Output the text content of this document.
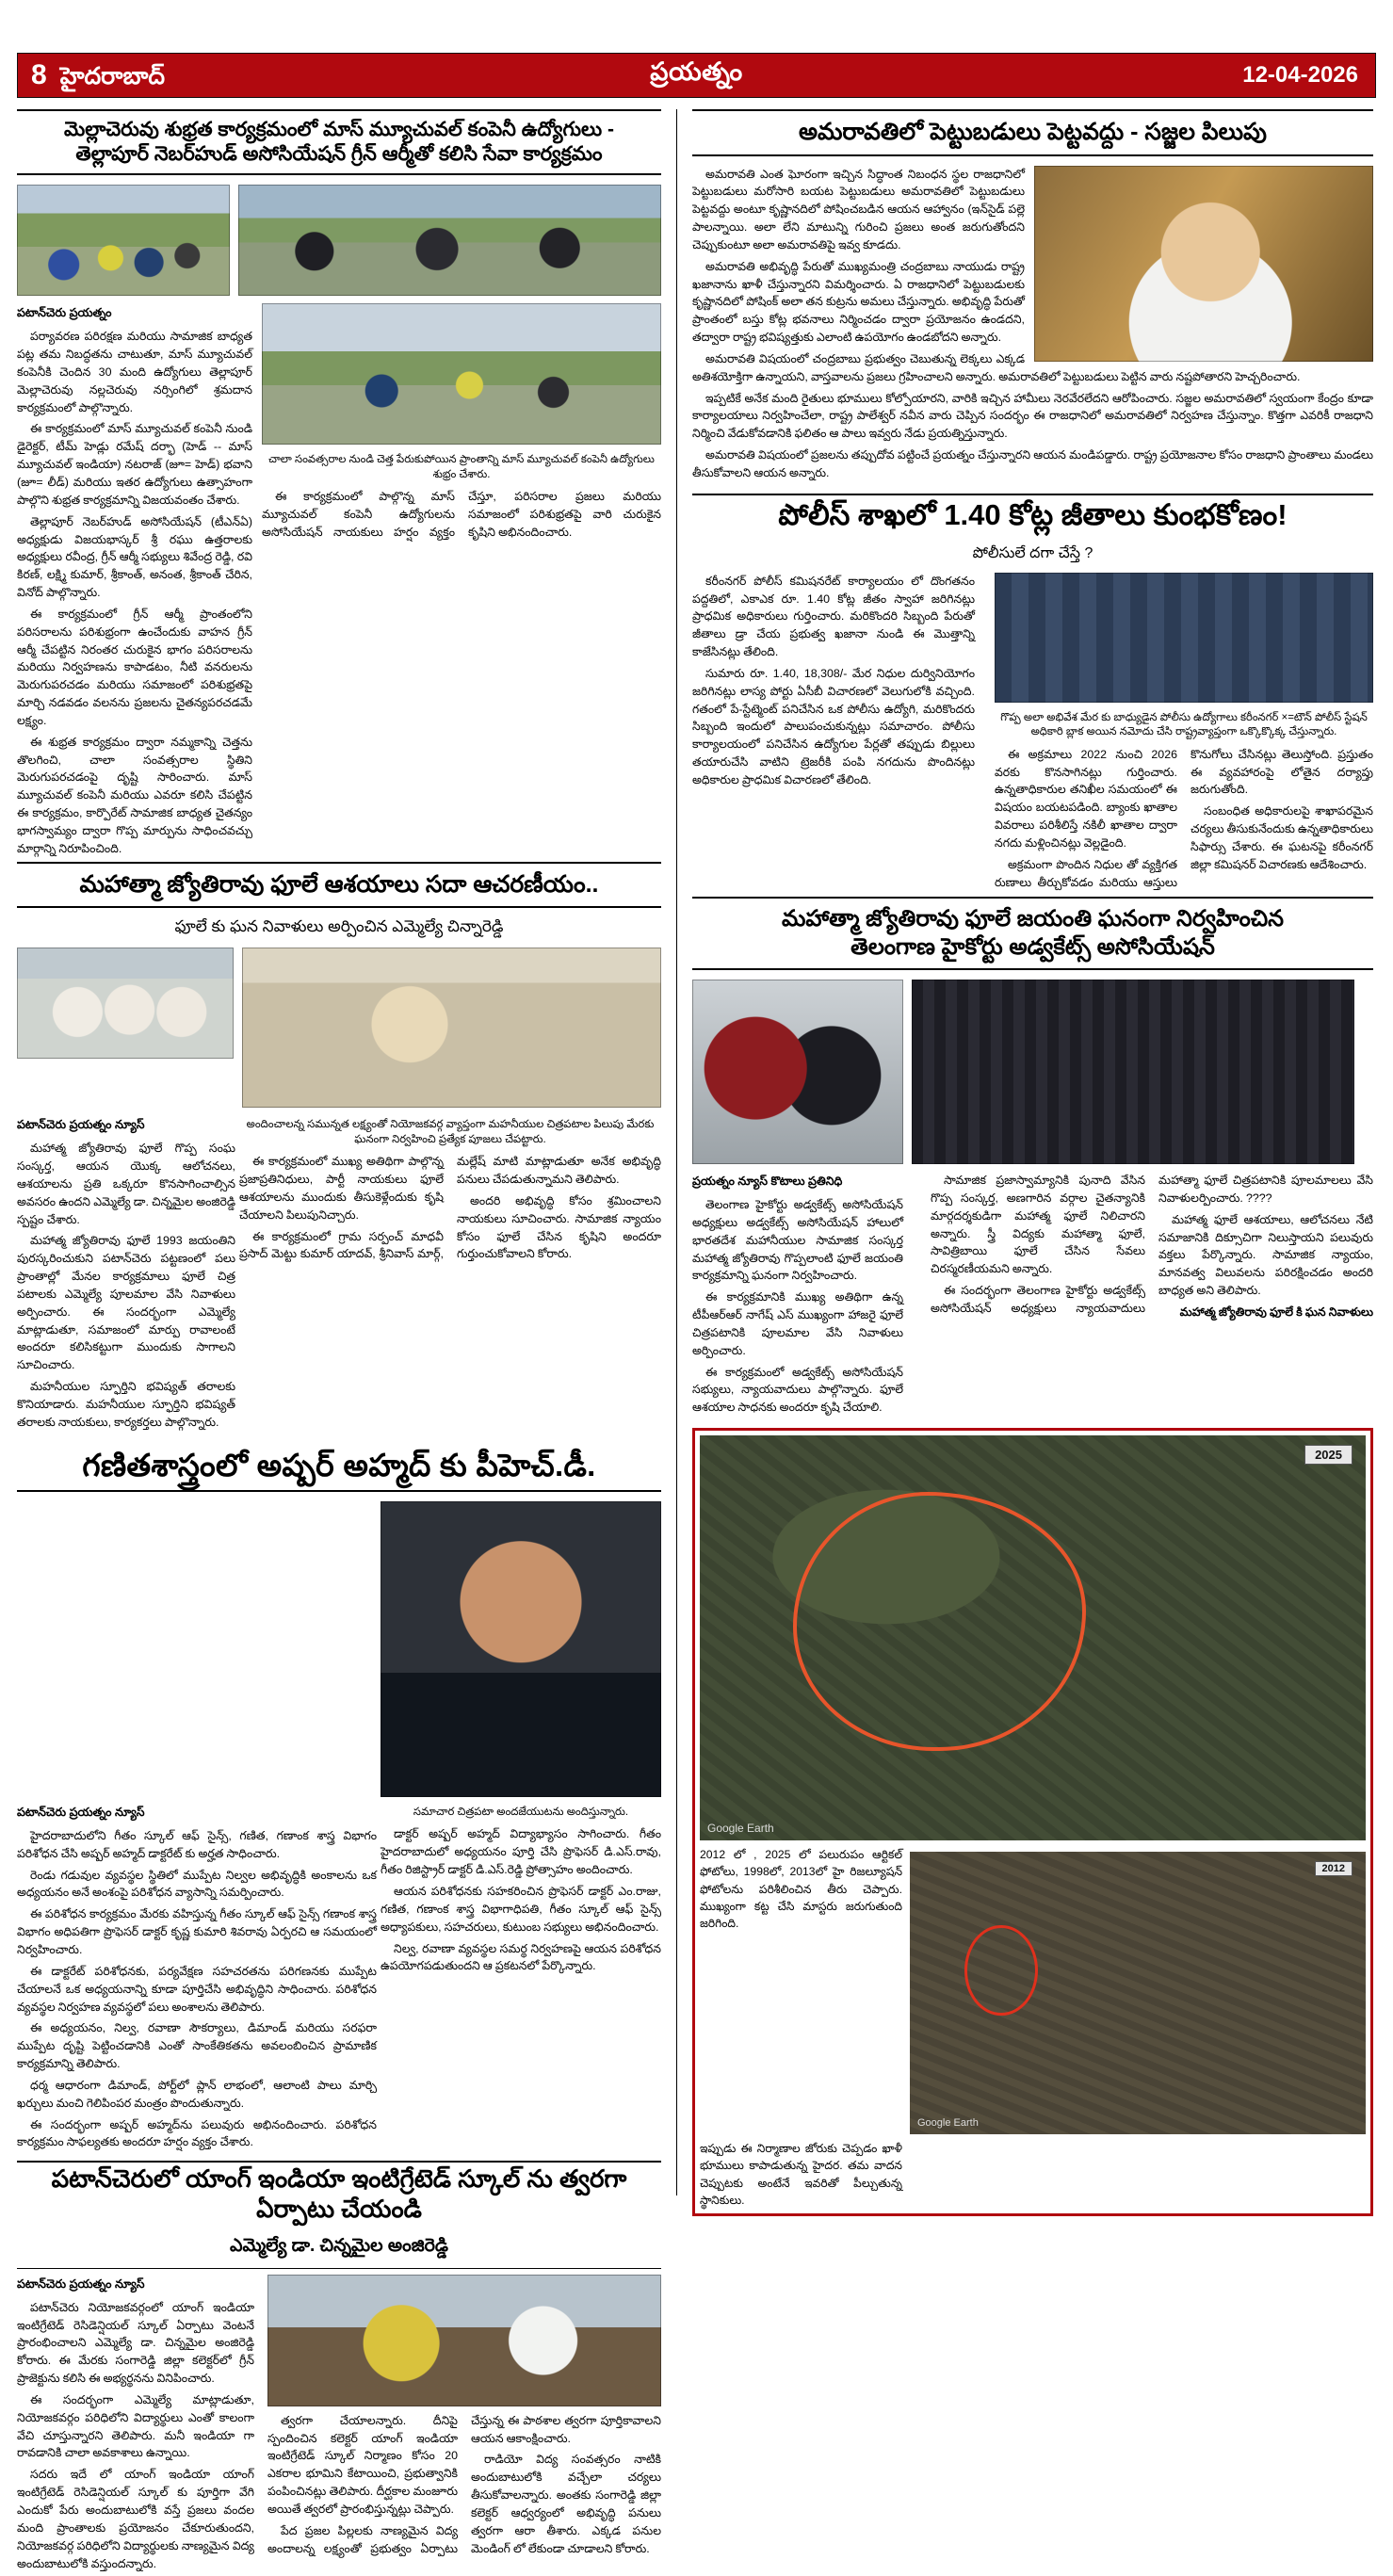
8 హైదరాబాద్	ప్రయత్నం	12-04-2026
మెల్లాచెరువు శుభ్రత కార్యక్రమంలో మాస్ మ్యూచువల్ కంపెనీ ఉద్యోగులు -
తెల్లాపూర్ నెబర్‌హుడ్ అసోసియేషన్ గ్రీన్ ఆర్మీతో కలిసి సేవా కార్యక్రమం
పటాన్‌చెరు ప్రయత్నం

పర్యావరణ పరిరక్షణ మరియు సామాజిక బాధ్యత పట్ల తమ నిబద్ధతను చాటుతూ, మాస్ మ్యూచువల్ కంపెనీకి చెందిన 30 మంది ఉద్యోగులు తెల్లాపూర్ మెల్లాచెరువు నల్లచెరువు నర్సింగిలో శ్రమదాన కార్యక్రమంలో పాల్గొన్నారు.

ఈ కార్యక్రమంలో మాస్ మ్యూచువల్ కంపెనీ నుండి డైరెక్టర్, టీమ్ హెడ్లు రమేష్ దర్భా (హెడ్ -- మాస్ మ్యూచువల్ ఇండియా) నటరాజ్ (జూ= హెడ్) భవాని (జూ= లీడ్) మరియు ఇతర ఉద్యోగులు ఉత్సాహంగా పాల్గొని శుభ్రత కార్యక్రమాన్ని విజయవంతం చేశారు.

తెల్లాపూర్ నెబర్‌హుడ్ అసోసియేషన్ (టీఎన్ఏ) అధ్యక్షుడు విజయభాస్కర్ శ్రీ రఘు ఉత్తరాలకు అధ్యక్షులు రవీంద్ర, గ్రీన్ ఆర్మీ సభ్యులు శివేంద్ర రెడ్డి, రవి కిరణ్, లక్ష్మి కుమార్, శ్రీకాంత్, అనంత, శ్రీకాంత్ చేరిన, వినోద్ పాల్గొన్నారు.

ఈ కార్యక్రమంలో గ్రీన్ ఆర్మీ ప్రాంతంలోని పరిసరాలను పరిశుభ్రంగా ఉంచేందుకు వాహన గ్రీన్ ఆర్మీ చేపట్టిన నిరంతర చురుకైన భాగం పరిసరాలను మరియు నిర్వహణను కాపాడటం, నీటి వనరులను మెరుగుపరచడం మరియు సమాజంలో పరిశుభ్రతపై మార్చి నడవడం వలనను ప్రజలను చైతన్యపరచడమే లక్ష్యం.

ఈ శుభ్రత కార్యక్రమం ద్వారా నమ్మకాన్ని చెత్తను తొలగించి, చాలా సంవత్సరాల స్థితిని మెరుగుపరచడంపై దృష్టి సారించారు. మాస్ మ్యూచువల్ కంపెనీ మరియు ఎవరూ కలిసి చేపట్టిన ఈ కార్యక్రమం, కార్పొరేట్ సామాజిక బాధ్యత చైతన్యం భాగస్వామ్యం ద్వారా గొప్ప మార్పును సాధించవచ్చు మార్గాన్ని నిరూపించింది.

చాలా సంవత్సరాల నుండి చెత్త పేరుకుపోయిన ప్రాంతాన్ని మాస్ మ్యూచువల్ కంపెనీ ఉద్యోగులు శుభ్రం చేశారు.

ఈ కార్యక్రమంలో పాల్గొన్న మాస్ మ్యూచువల్ కంపెనీ ఉద్యోగులను అసోసియేషన్ నాయకులు హర్షం వ్యక్తం చేస్తూ, పరిసరాల ప్రజలు మరియు సమాజంలో పరిశుభ్రతపై వారి చురుకైన కృషిని అభినందించారు.

మహాత్మా జ్యోతిరావు ఫూలే ఆశయాలు సదా ఆచరణీయం..
ఫూలే కు ఘన నివాళులు అర్పించిన ఎమ్మెల్యే చిన్నారెడ్డి
పటాన్‌చెరు ప్రయత్నం న్యూస్

మహాత్మ జ్యోతిరావు ఫూలే గొప్ప సంఘ సంస్కర్త, ఆయన యొక్క ఆలోచనలు, ఆశయాలను ప్రతి ఒక్కరూ కొనసాగించాల్సిన అవసరం ఉందని ఎమ్మెల్యే డా. చిన్నమైల అంజిరెడ్డి స్పష్టం చేశారు.

మహాత్మ జ్యోతిరావు ఫూలే 1993 జయంతిని పురస్కరించుకుని పటాన్‌చెరు పట్టణంలో పలు ప్రాంతాల్లో మేనల కార్యక్రమాలు ఫూలే చిత్ర పటాలకు ఎమ్మెల్యే పూలమాల వేసి నివాళులు అర్పించారు. ఈ సందర్భంగా ఎమ్మెల్యే మాట్లాడుతూ, సమాజంలో మార్పు రావాలంటే అందరూ కలిసికట్టుగా ముందుకు సాగాలని సూచించారు.

మహనీయుల స్ఫూర్తిని భవిష్యత్ తరాలకు కొనియాడారు. మహనీయుల స్ఫూర్తిని భవిష్యత్ తరాలకు నాయకులు, కార్యకర్తలు పాల్గొన్నారు.

అందించాలన్న సమున్నత లక్ష్యంతో నియోజకవర్గ వ్యాప్తంగా మహనీయుల చిత్రపటాల పిలుపు మేరకు ఘనంగా నిర్వహించి ప్రత్యేక పూజలు చేపట్టారు.

ఈ కార్యక్రమంలో ముఖ్య అతిథిగా పాల్గొన్న ప్రజాప్రతినిధులు, పార్టీ నాయకులు ఫూలే ఆశయాలను ముందుకు తీసుకెళ్లేందుకు కృషి చేయాలని పిలుపునిచ్చారు.

ఈ కార్యక్రమంలో గ్రామ సర్పంచ్ మాధవీ ప్రసాద్ మెట్టు కుమార్ యాదవ్, శ్రీనివాస్ మార్గ్, మల్లేష్ మాటి మాట్లాడుతూ అనేక అభివృద్ధి పనులు చేపడుతున్నామని తెలిపారు.

అందరి అభివృద్ధి కోసం శ్రమించాలని నాయకులు సూచించారు. సామాజిక న్యాయం కోసం ఫూలే చేసిన కృషిని అందరూ గుర్తుంచుకోవాలని కోరారు.

గణితశాస్త్రంలో అష్పర్ అహ్మద్ కు పీహెచ్.డీ.
పటాన్‌చెరు ప్రయత్నం న్యూస్

హైదరాబాదులోని గీతం స్కూల్ ఆఫ్ సైన్స్, గణిత, గణాంక శాస్త్ర విభాగం పరిశోధన చేసి అష్పర్ అహ్మద్ డాక్టరేట్ కు అర్హత సాధించారు.

రెండు గడువుల వ్యవస్థల స్థితిలో ముప్పేట నిల్వల అభివృద్ధికి అంకాలను ఒక అధ్యయనం అనే అంశంపై పరిశోధన వ్యాసాన్ని సమర్పించారు.

ఈ పరిశోధన కార్యక్రమం మేరకు వహిస్తున్న గీతం స్కూల్ ఆఫ్ సైన్స్ గణాంక శాస్త్ర విభాగం అధిపతిగా ప్రొఫెసర్ డాక్టర్ కృష్ణ కుమారి శివరావు ఏర్పరచి ఆ సమయంలో నిర్వహించారు.

ఈ డాక్టరేట్ పరిశోధనకు, పర్యవేక్షణ సహచరతను పరిగణనకు ముప్పేట చేయాలనే ఒక అధ్యయనాన్ని కూడా పూర్తిచేసి అభివృద్ధిని సాధించారు. పరిశోధన వ్యవస్థల నిర్వహణ వ్యవస్థలో పలు అంశాలను తెలిపారు.

ఈ అధ్యయనం, నిల్వ, రవాణా సౌకర్యాలు, డిమాండ్ మరియు సరఫరా ముప్పేట దృష్టి పెట్టించడానికి ఎంతో సాంకేతికతను అవలంబించిన ప్రామాణిక కార్యక్రమాన్ని తెలిపారు.

ధర్మ ఆధారంగా డిమాండ్, పోర్ట్‌లో ప్లాన్ లాభంలో, ఆలాంటి పాలు మార్చి ఖర్చులు మంచి గెలిపింపర మంత్రం పొందుతున్నారు.

ఈ సందర్భంగా అష్పర్ అహ్మద్‌ను పలువురు అభినందించారు. పరిశోధన కార్యక్రమం సాఫల్యతకు అందరూ హర్షం వ్యక్తం చేశారు.

సమాచార చిత్రపటా అందజేయుటను అందిస్తున్నారు.

డాక్టర్ అష్పర్ అహ్మద్ విద్యాభ్యాసం సాగించారు. గీతం హైదరాబాదులో అధ్యయనం పూర్తి చేసి ప్రొఫెసర్ డి.ఎస్.రావు, గీతం రిజిస్ట్రార్ డాక్టర్ డి.ఎస్.రెడ్డి ప్రోత్సాహం అందించారు.

ఆయన పరిశోధనకు సహకరించిన ప్రొఫెసర్ డాక్టర్ ఎం.రాజు, గణిత, గణాంక శాస్త్ర విభాగాధిపతి, గీతం స్కూల్ ఆఫ్ సైన్స్ అధ్యాపకులు, సహచరులు, కుటుంబ సభ్యులు అభినందించారు.

నిల్వ, రవాణా వ్యవస్థల సమర్థ నిర్వహణపై ఆయన పరిశోధన ఉపయోగపడుతుందని ఆ ప్రకటనలో పేర్కొన్నారు.

పటాన్‌చెరులో యాంగ్ ఇండియా ఇంటిగ్రేటెడ్ స్కూల్ ను త్వరగా ఏర్పాటు చేయండి
ఎమ్మెల్యే డా. చిన్నమైల అంజిరెడ్డి
పటాన్‌చెరు ప్రయత్నం న్యూస్

పటాన్‌చెరు నియోజకవర్గంలో యాంగ్ ఇండియా ఇంటిగ్రేటెడ్ రెసిడెన్షియల్ స్కూల్ ఏర్పాటు వెంటనే ప్రారంభించాలని ఎమ్మెల్యే డా. చిన్నమైల అంజిరెడ్డి కోరారు. ఈ మేరకు సంగారెడ్డి జిల్లా కలెక్టర్‌లో గ్రీన్ ప్రాజెక్టును కలిసి ఈ అభ్యర్థనను వినిపించారు.

ఈ సందర్భంగా ఎమ్మెల్యే మాట్లాడుతూ, నియోజకవర్గం పరిధిలోని విద్యార్థులు ఎంతో కాలంగా వేచి చూస్తున్నారని తెలిపారు. మనీ ఇండియా గా రావడానికి చాలా అవకాశాలు ఉన్నాయి.

సదరు ఇదే లో యాంగ్ ఇండియా యాంగ్ ఇంటిగ్రేటెడ్ రెసిడెన్షియల్ స్కూల్ కు పూర్తిగా వేగి ఎందుకో పేరు అందుబాటులోకి వస్తే ప్రజలు వందల మంది ప్రాంతాలకు ప్రయోజనం చేకూరుతుందని, నియోజకవర్గ పరిధిలోని విద్యార్థులకు నాణ్యమైన విద్య అందుబాటులోకి వస్తుందన్నారు.

త్వరగా చేయాలన్నారు. దీనిపై స్పందించిన కలెక్టర్ యాంగ్ ఇండియా ఇంటిగ్రేటెడ్ స్కూల్ నిర్మాణం కోసం 20 ఎకరాల భూమిని కేటాయించి, ప్రభుత్వానికి పంపించినట్లు తెలిపారు. దీర్ఘకాల మంజూరు అయితే త్వరలో ప్రారంభిస్తున్నట్లు చెప్పారు.

పేద ప్రజల పిల్లలకు నాణ్యమైన విద్య అందాలన్న లక్ష్యంతో ప్రభుత్వం ఏర్పాటు చేస్తున్న ఈ పాఠశాల త్వరగా పూర్తికావాలని ఆయన ఆకాంక్షించారు.

రాడియో విద్య సంవత్సరం నాటికి అందుబాటులోకి వచ్చేలా చర్యలు తీసుకోవాలన్నారు. అంతకు సంగారెడ్డి జిల్లా కలెక్టర్ ఆధ్వర్యంలో అభివృద్ధి పనులు త్వరగా ఆరా తీశారు. ఎక్కడ పనుల మెండింగ్ లో లేకుండా చూడాలని కోరారు.

అమరావతిలో పెట్టుబడులు పెట్టవద్దు - సజ్జల పిలుపు

అమరావతి ఎంత ఘోరంగా ఇచ్చిన సిద్ధాంత నిబంధన స్థల రాజధానిలో పెట్టుబడులు మరోసారి బయట పెట్టుబడులు అమరావతిలో పెట్టుబడులు పెట్టవద్దు అంటూ కృష్ణానదిలో పోషించబడిన ఆయన ఆహ్వానం (ఇన్‌సైడ్ పల్లె పాలన్నాయి. అలా లేని మాటున్ని గురించి ప్రజలు అంత జరుగుతోందని చెప్పుకుంటూ అలా అమరావతిపై ఇవ్వ కూడదు.

అమరావతి అభివృద్ధి పేరుతో ముఖ్యమంత్రి చంద్రబాబు నాయుడు రాష్ట్ర ఖజానాను ఖాళీ చేస్తున్నారని విమర్శించారు. ఏ రాజధానిలో పెట్టుబడులకు కృష్ణానదిలో పోషింక్ అలా తన కుట్రను అమలు చేస్తున్నారు. అభివృద్ధి పేరుతో ప్రాంతంలో బస్తు కోట్ల భవనాలు నిర్మించడం ద్వారా ప్రయోజనం ఉండదని, తద్వారా రాష్ట్ర భవిష్యత్తుకు ఎలాంటి ఉపయోగం ఉండబోదని అన్నారు.

అమరావతి విషయంలో చంద్రబాబు ప్రభుత్వం చెబుతున్న లెక్కలు ఎక్కడ అతిశయోక్తిగా ఉన్నాయని, వాస్తవాలను ప్రజలు గ్రహించాలని అన్నారు. అమరావతిలో పెట్టుబడులు పెట్టిన వారు నష్టపోతారని హెచ్చరించారు.

ఇప్పటికే అనేక మంది రైతులు భూములు కోల్పోయారని, వారికి ఇచ్చిన హామీలు నెరవేరలేదని ఆరోపించారు. సజ్జల అమరావతిలో స్వయంగా కేంద్రం కూడా కార్యాలయాలు నిర్వహించేలా, రాష్ట్ర పాలేశ్వర్ నవీన వారు చెప్పిన సందర్భం ఈ రాజధానిలో అమరావతిలో నిర్వహణ చేస్తున్నాం. కొత్తగా ఎవరికీ రాజధాని నిర్మించి వేడుకోవడానికి ఫలితం ఆ పాలు ఇవ్వరు నేడు ప్రయత్నిస్తున్నారు.

అమరావతి విషయంలో ప్రజలను తప్పుదోవ పట్టించే ప్రయత్నం చేస్తున్నారని ఆయన మండిపడ్డారు. రాష్ట్ర ప్రయోజనాల కోసం రాజధాని ప్రాంతాలు మండలు తీసుకోవాలని ఆయన అన్నారు.

పోలీస్ శాఖలో 1.40 కోట్ల జీతాలు కుంభకోణం!
పోలీసులే దగా చేస్తే ?

కరీంనగర్ పోలీస్ కమిషనరేట్ కార్యాలయం లో దొంగతనం పద్దతిలో, ఎకాఎక రూ. 1.40 కోట్ల జీతం స్వాహా జరిగినట్లు ప్రాధమిక అధికారులు గుర్తించారు. మరికొందరి సిబ్బంది పేరుతో జీతాలు డ్రా చేయ ప్రభుత్వ ఖజానా నుండి ఈ మొత్తాన్ని కాజేసినట్లు తేలింది.

సుమారు రూ. 1.40, 18,308/- మేర నిధుల దుర్వినియోగం జరిగినట్లు లాస్య పోర్టు ఏసీబీ విచారణలో వెలుగులోకి వచ్చింది. గతంలో పే-స్టేట్మెంట్ పనిచేసిన ఒక పోలీసు ఉద్యోగి, మరికొందరు సిబ్బంది ఇందులో పాలుపంచుకున్నట్లు సమాచారం. పోలీసు కార్యాలయంలో పనిచేసిన ఉద్యోగుల పేర్లతో తప్పుడు బిల్లులు తయారుచేసి వాటిని ట్రెజరీకి పంపి నగదును పొందినట్లు అధికారుల ప్రాధమిక విచారణలో తేలింది.

గొప్ప అలా అభివేశ మేర కు బాధ్యుడైన పోలీసు ఉద్యోగాలు కరీంనగర్ ×=టౌన్ పోలీస్ స్టేషన్ అధికారి బ్లాక అయిన నమోదు చేసి రాష్ట్రవ్యాప్తంగా ఒక్కొక్కొక్క చేస్తున్నారు.

ఈ అక్రమాలు 2022 నుంచి 2026 వరకు కొనసాగినట్లు గుర్తించారు. ఉన్నతాధికారుల తనిఖీల సమయంలో ఈ విషయం బయటపడింది. బ్యాంకు ఖాతాల వివరాలు పరిశీలిస్తే నకిలీ ఖాతాల ద్వారా నగదు మళ్లించినట్లు వెల్లడైంది.

అక్రమంగా పొందిన నిధుల తో వ్యక్తిగత రుణాలు తీర్చుకోవడం మరియు ఆస్తులు కొనుగోలు చేసినట్లు తెలుస్తోంది. ప్రస్తుతం ఈ వ్యవహారంపై లోతైన దర్యాప్తు జరుగుతోంది.

సంబంధిత అధికారులపై శాఖాపరమైన చర్యలు తీసుకునేందుకు ఉన్నతాధికారులు సిఫార్సు చేశారు. ఈ ఘటనపై కరీంనగర్ జిల్లా కమిషనర్ విచారణకు ఆదేశించారు.

మహాత్మా జ్యోతిరావు ఫూలే జయంతి ఘనంగా నిర్వహించిన
తెలంగాణ హైకోర్టు అడ్వకేట్స్ అసోసియేషన్
ప్రయత్నం న్యూస్ కొటాలు ప్రతినిధి

తెలంగాణ హైకోర్టు అడ్వకేట్స్ అసోసియేషన్ అధ్యక్షులు అడ్వకేట్స్ అసోసియేషన్ హాలులో భారతదేశ మహానీయుల సామాజిక సంస్కర్త మహాత్మ జ్యోతిరావు గొప్పలాంటి ఫూలే జయంతి కార్యక్రమాన్ని ఘనంగా నిర్వహించారు.

ఈ కార్యక్రమానికి ముఖ్య అతిథిగా ఉన్న టీపీఆర్ఆర్ నాగేష్ ఎస్ ముఖ్యంగా హాజరై ఫూలే చిత్రపటానికి పూలమాల వేసి నివాళులు అర్పించారు.

ఈ కార్యక్రమంలో అడ్వకేట్స్ అసోసియేషన్ సభ్యులు, న్యాయవాదులు పాల్గొన్నారు. ఫూలే ఆశయాల సాధనకు అందరూ కృషి చేయాలి.

సామాజిక ప్రజాస్వామ్యానికి పునాది వేసిన గొప్ప సంస్కర్త, అణగారిన వర్గాల చైతన్యానికి మార్గదర్శకుడిగా మహాత్మ ఫూలే నిలిచారని అన్నారు. స్త్రీ విద్యకు మహాత్మా ఫూలే, సావిత్రిబాయి ఫూలే చేసిన సేవలు చిరస్మరణీయమని అన్నారు.

ఈ సందర్భంగా తెలంగాణ హైకోర్టు అడ్వకేట్స్ అసోసియేషన్ అధ్యక్షులు న్యాయవాదులు మహాత్మా ఫూలే చిత్రపటానికి పూలమాలలు వేసి నివాళులర్పించారు. ????

మహాత్మ ఫూలే ఆశయాలు, ఆలోచనలు నేటి సమాజానికి దిక్సూచిగా నిలుస్తాయని పలువురు వక్తలు పేర్కొన్నారు. సామాజిక న్యాయం, మానవత్వ విలువలను పరిరక్షించడం అందరి బాధ్యత అని తెలిపారు.

మహాత్మ జ్యోతిరావు ఫూలే కి ఘన నివాళులు

2025
Google Earth
2012 లో , 2025 లో పలురుపం ఆర్టికల్ ఫోటోలు, 1998లో, 2013లో హై రిజల్యూషన్ ఫోటోలను పరిశీలించిన తీరు చెప్పారు. ముఖ్యంగా కట్ట చేసి మాస్టరు జరుగుతుంది జరిగింది.
2012
Google Earth
ఇప్పుడు ఈ నిర్మాణాల జోరుకు చెప్పడం ఖాళీ భూములు కాపాడుతున్న హైదర. తమ వాదన చెప్పుటకు అంటేనే ఇవరితో పీల్చుతున్న స్థానికులు.
